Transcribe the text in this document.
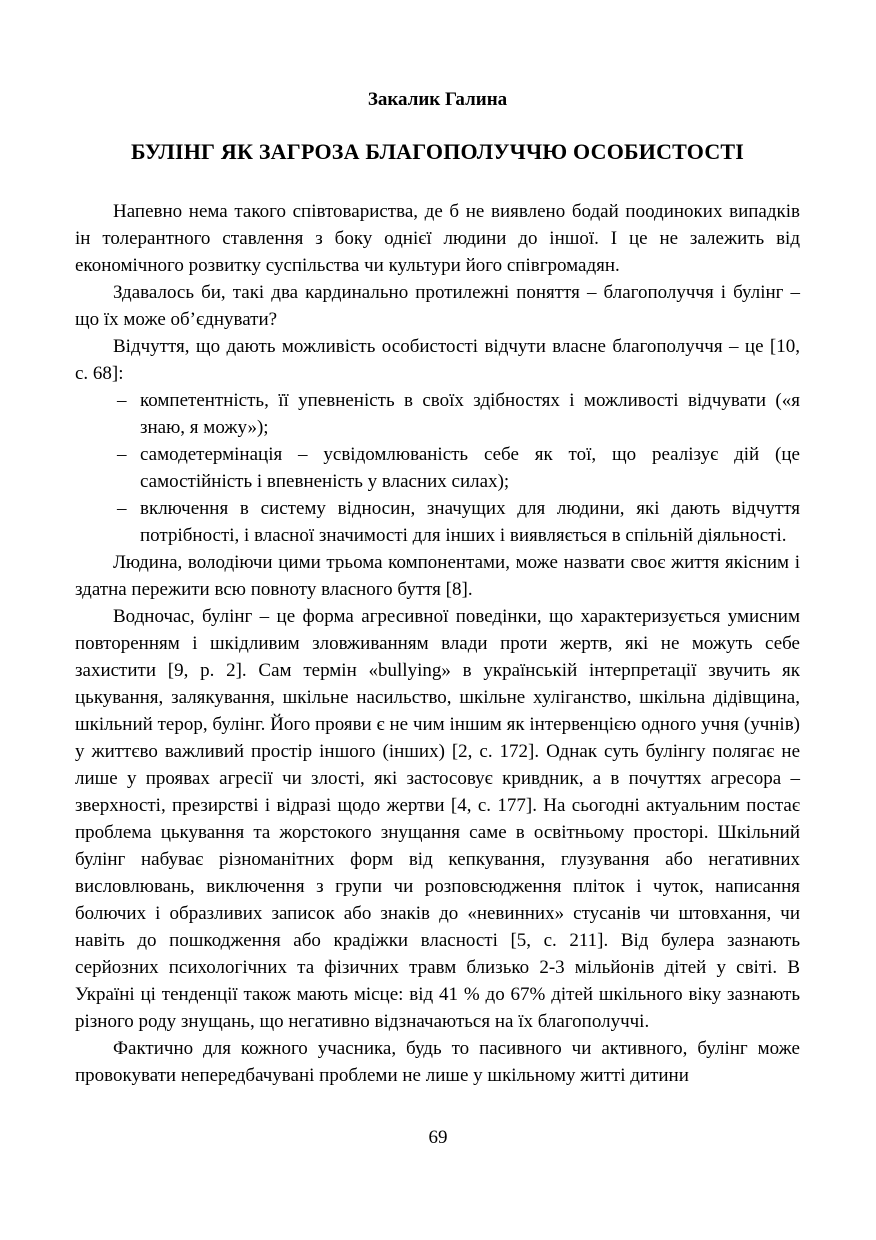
Закалик Галина
БУЛІНГ ЯК ЗАГРОЗА БЛАГОПОЛУЧЧЮ ОСОБИСТОСТІ

Напевно нема такого співтовариства, де б не виявлено бодай поодиноких випадків ін толерантного ставлення з боку однієї людини до іншої. І це не залежить від економічного розвитку суспільства чи культури його співгромадян.

Здавалось би, такі два кардинально протилежні поняття – благополуччя і булінг – що їх може об’єднувати?

Відчуття, що дають можливість особистості відчути власне благополуччя – це [10, с. 68]:

– компетентність, її упевненість в своїх здібностях і можливості відчувати («я знаю, я можу»);
– самодетермінація – усвідомлюваність себе як тої, що реалізує дій (це самостійність і впевненість у власних силах);
– включення в систему відносин, значущих для людини, які дають відчуття потрібності, і власної значимості для інших і виявляється в спільній діяльності.

Людина, володіючи цими трьома компонентами, може назвати своє життя якісним і здатна пережити всю повноту власного буття [8].

Водночас, булінг – це форма агресивної поведінки, що характеризується умисним повторенням і шкідливим зловживанням влади проти жертв, які не можуть себе захистити [9, р. 2]. Сам термін «bullying» в українській інтерпретації звучить як цькування, залякування, шкільне насильство, шкільне хуліганство, шкільна дідівщина, шкільний терор, булінг. Його прояви є не чим іншим як інтервенцією одного учня (учнів) у життєво важливий простір іншого (інших) [2, с. 172]. Однак суть булінгу полягає не лише у проявах агресії чи злості, які застосовує кривдник, а в почуттях агресора – зверхності, презирстві і відразі щодо жертви [4, с. 177]. На сьогодні актуальним постає проблема цькування та жорстокого знущання саме в освітньому просторі. Шкільний булінг набуває різноманітних форм від кепкування, глузування або негативних висловлювань, виключення з групи чи розповсюдження пліток і чуток, написання болючих і образливих записок або знаків до «невинних» стусанів чи штовхання, чи навіть до пошкодження або крадіжки власності [5, с. 211]. Від булера зазнають серйозних психологічних та фізичних травм близько 2-3 мільйонів дітей у світі. В Україні ці тенденції також мають місце: від 41 % до 67% дітей шкільного віку зазнають різного роду знущань, що негативно відзначаються на їх благополуччі.

Фактично для кожного учасника, будь то пасивного чи активного, булінг може провокувати непередбачувані проблеми не лише у шкільному житті дитини

69
